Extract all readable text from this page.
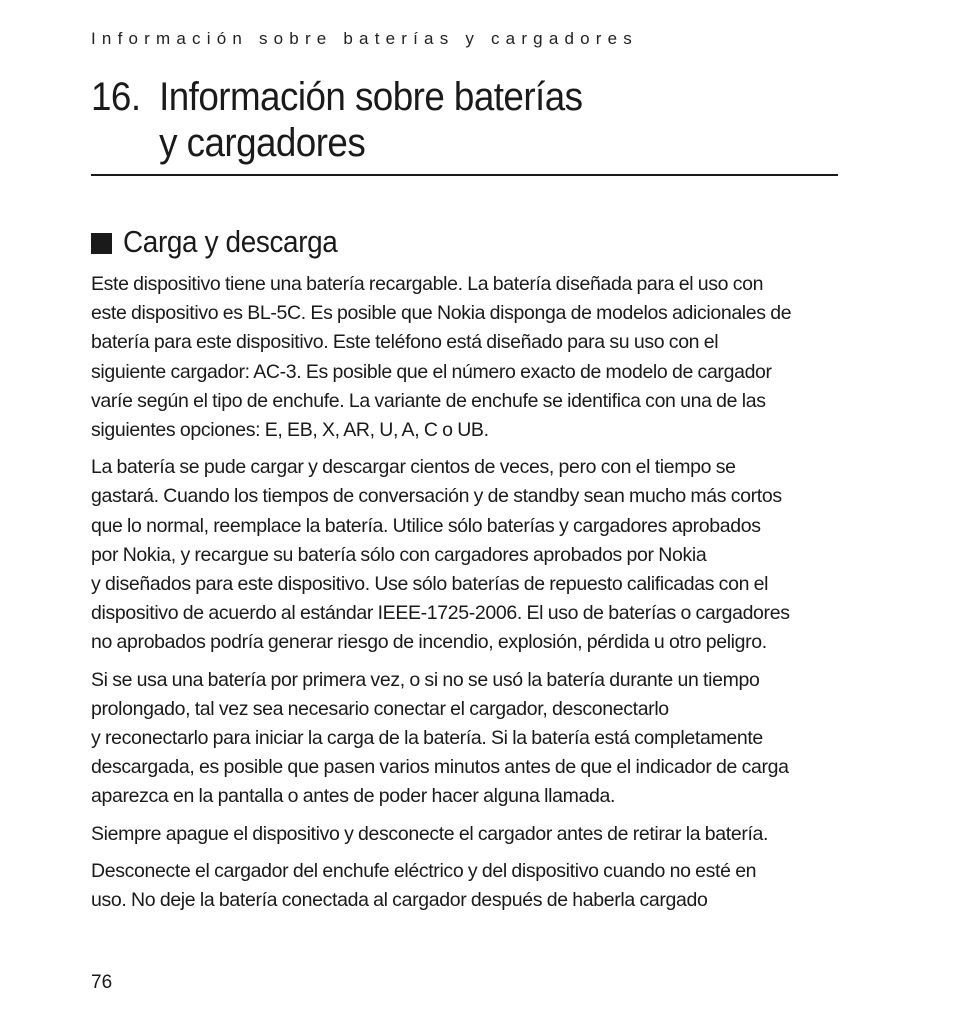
Información sobre baterías y cargadores
16. Información sobre baterías
y cargadores
Carga y descarga

Este dispositivo tiene una batería recargable. La batería diseñada para el uso con
este dispositivo es BL-5C. Es posible que Nokia disponga de modelos adicionales de
batería para este dispositivo. Este teléfono está diseñado para su uso con el
siguiente cargador: AC-3. Es posible que el número exacto de modelo de cargador
varíe según el tipo de enchufe. La variante de enchufe se identifica con una de las
siguientes opciones: E, EB, X, AR, U, A, C o UB.

La batería se pude cargar y descargar cientos de veces, pero con el tiempo se
gastará. Cuando los tiempos de conversación y de standby sean mucho más cortos
que lo normal, reemplace la batería. Utilice sólo baterías y cargadores aprobados
por Nokia, y recargue su batería sólo con cargadores aprobados por Nokia
y diseñados para este dispositivo. Use sólo baterías de repuesto calificadas con el
dispositivo de acuerdo al estándar IEEE-1725-2006. El uso de baterías o cargadores
no aprobados podría generar riesgo de incendio, explosión, pérdida u otro peligro.

Si se usa una batería por primera vez, o si no se usó la batería durante un tiempo
prolongado, tal vez sea necesario conectar el cargador, desconectarlo
y reconectarlo para iniciar la carga de la batería. Si la batería está completamente
descargada, es posible que pasen varios minutos antes de que el indicador de carga
aparezca en la pantalla o antes de poder hacer alguna llamada.

Siempre apague el dispositivo y desconecte el cargador antes de retirar la batería.

Desconecte el cargador del enchufe eléctrico y del dispositivo cuando no esté en
uso. No deje la batería conectada al cargador después de haberla cargado

76
